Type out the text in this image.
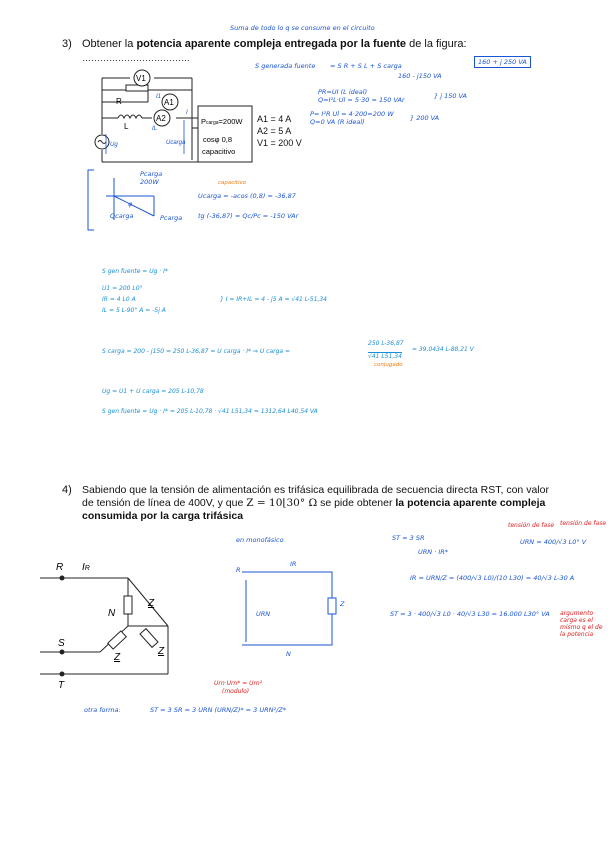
3) Obtener la potencia aparente compleja entregada por la fuente de la figura:
………………………………
Suma de todo lo q se consume en el circuito
V1
A2
R
L
A1
Pcarga=200W
cosφ 0,8
capacitivo
I1
IL
I
Ucarga
Ug
A1 = 4 A
A2 = 5 A
V1 = 200 V
S generada fuente = S R + S L + S carga	160 + j 250 VA
160 - j150 VA
PR=UI (L ideal)
Q=I²L·Ul = 5·30 = 150 VAr	} j 150 VA
P= I²R Ul = 4·200=200 W
Q=0 VA (R ideal)	} 200 VA
Pcarga 200W	capacitivo
φ
Qcarga	Pcarga
Ucarga = -acos (0,8) = -36,87
tg (-36,87) = Qc/Pc = -150 VAr
S gen fuente = Ug · I*
U1 = 200 L0°
IR = 4 L0 A
IL = 5 L-90° A = -5j A
} I = IR+IL = 4 - j5 A = √41 L-51,34
S carga = 200 - j150 = 250 L-36,87 = U carga · I* ⇒ U carga =
250 L-36,87
√41 L51,34
conjugado
= 39,0434 L-88,21 V
Ug = U1 + U carga = 205 L-10,78
S gen fuente = Ug · I* = 205 L-10,78 · √41 L51,34 = 1312,64 L40,54 VA
4) Sabiendo que la tensión de alimentación es trifásica equilibrada de secuencia directa RST, con valor
de tensión de línea de 400V, y que Z = 10⌊30° Ω se pide obtener la potencia aparente compleja
consumida por la carga trifásica
R IR
N
S
T
Z
Z
Z
en monofásico
R
IR
URN
Z
N
ST = 3 SR
URN · IR*
tensión de fase
URN = 400/√3 L0° V
IR = URN/Z = (400/√3 L0)/(10 L30) = 40/√3 L-30 A
ST = 3 · 400/√3 L0 · 40/√3 L30 = 16.000 L30° VA argumento carga es el mismo q el de la potencia
tensión de fase
Urn·Urn* = Urn²
(modulo)
otra forma:	ST = 3 SR = 3 URN (URN/Z)* = 3 URN²/Z*
